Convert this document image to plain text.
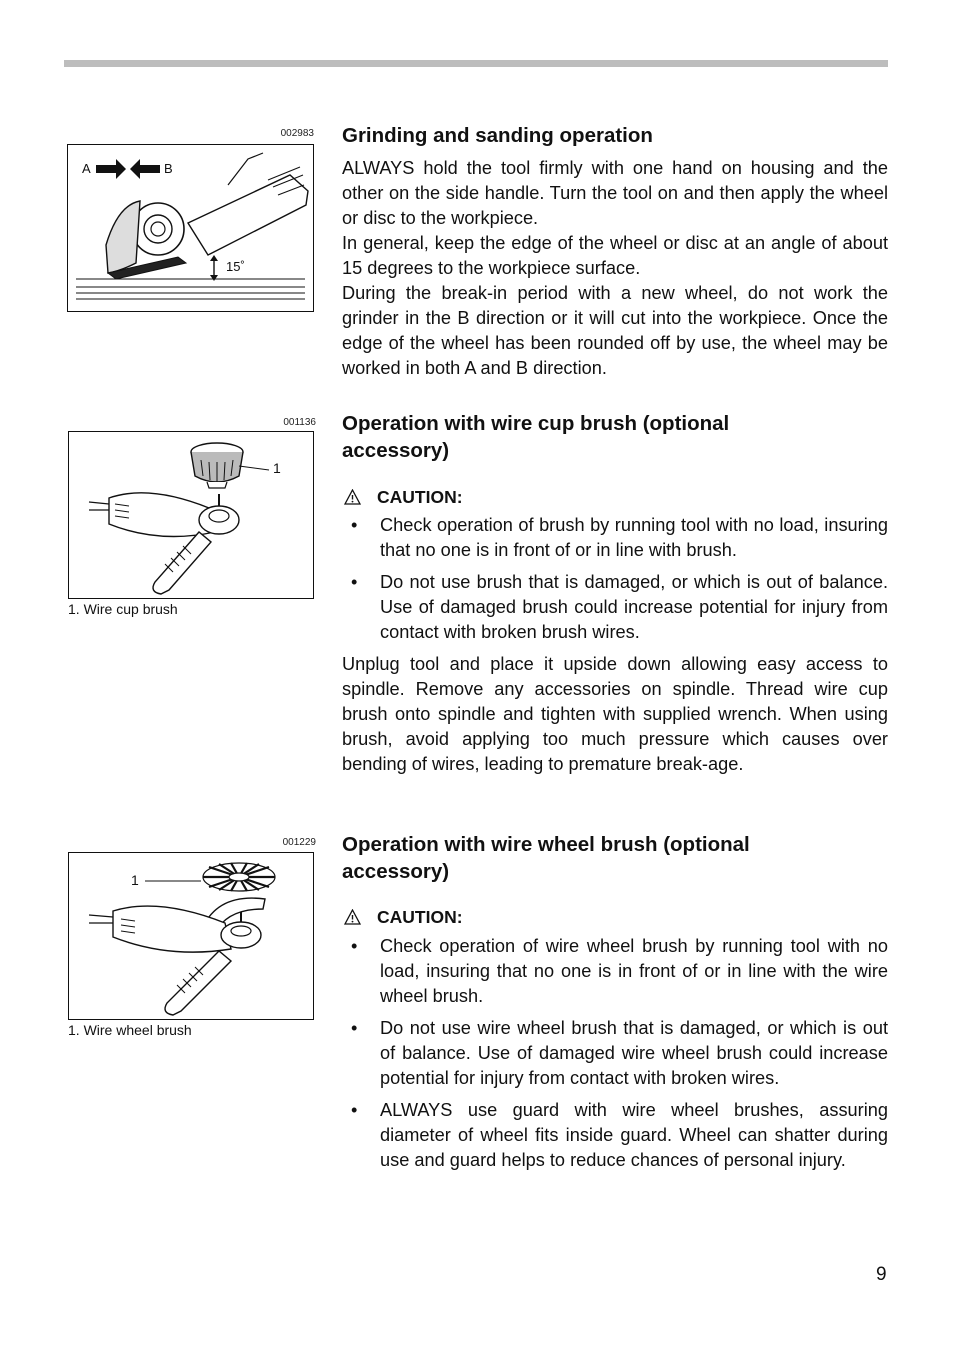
002983
A	B
15˚
Grinding and sanding operation

ALWAYS hold the tool firmly with one hand on housing and the other on the side handle. Turn the tool on and then apply the wheel or disc to the workpiece.

In general, keep the edge of the wheel or disc at an angle of about 15 degrees to the workpiece surface.

During the break-in period with a new wheel, do not work the grinder in the B direction or it will cut into the workpiece. Once the edge of the wheel has been rounded off by use, the wheel may be worked in both A and B direction.

001136
1
1. Wire cup brush
Operation with wire cup brush (optional
accessory)
CAUTION:
• Check operation of brush by running tool with no load, insuring that no one is in front of or in line with brush.
• Do not use brush that is damaged, or which is out of balance. Use of damaged brush could increase potential for injury from contact with broken brush wires.

Unplug tool and place it upside down allowing easy access to spindle. Remove any accessories on spindle. Thread wire cup brush onto spindle and tighten with supplied wrench. When using brush, avoid applying too much pressure which causes over bending of wires, leading to premature break-age.

001229
1
1. Wire wheel brush
Operation with wire wheel brush (optional
accessory)
CAUTION:
• Check operation of wire wheel brush by running tool with no load, insuring that no one is in front of or in line with the wire wheel brush.
• Do not use wire wheel brush that is damaged, or which is out of balance. Use of damaged wire wheel brush could increase potential for injury from contact with broken wires.
• ALWAYS use guard with wire wheel brushes, assuring diameter of wheel fits inside guard. Wheel can shatter during use and guard helps to reduce chances of personal injury.
9
